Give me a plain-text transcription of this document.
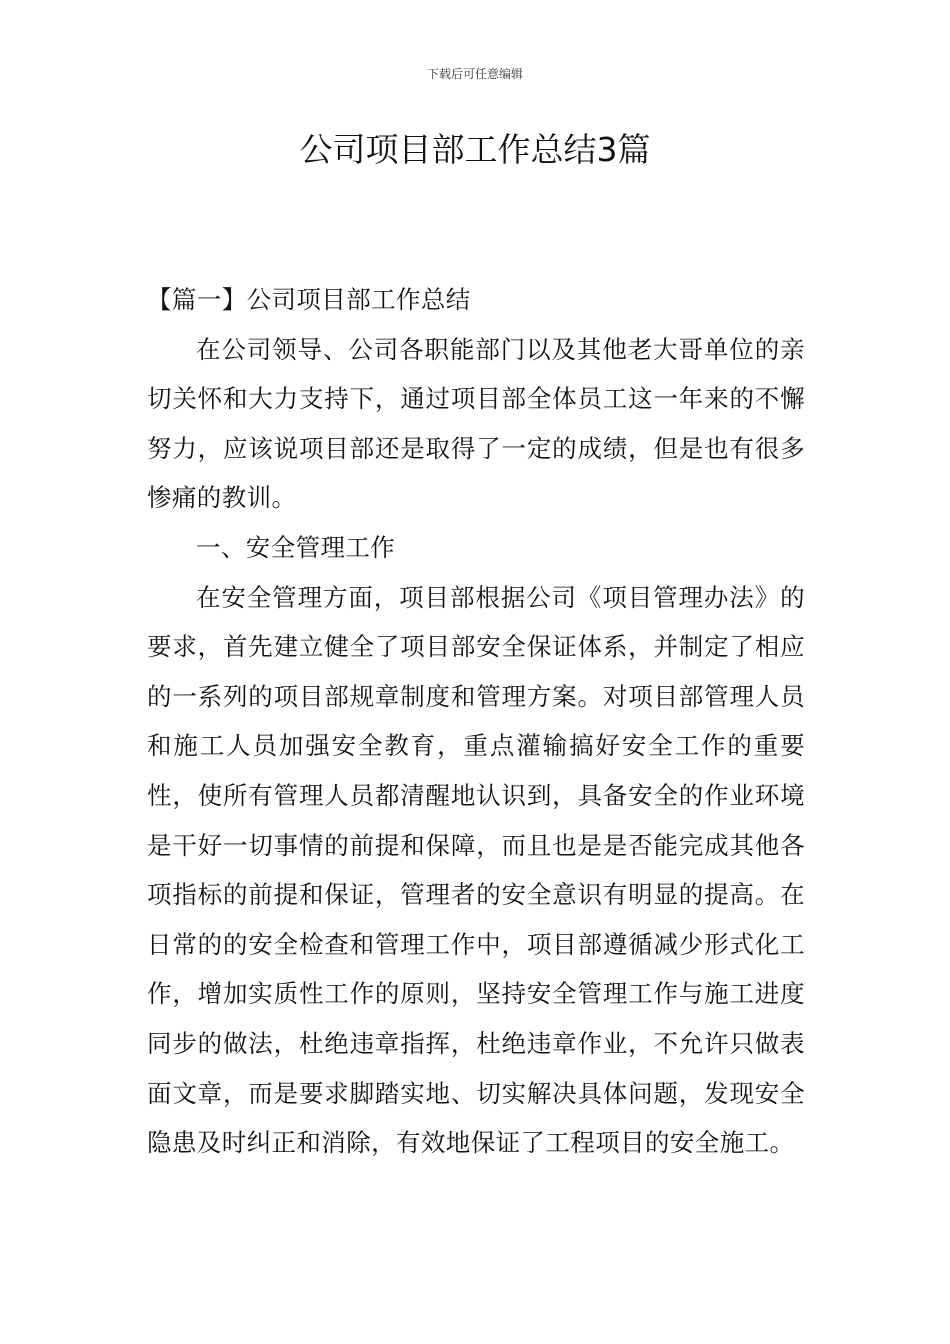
下载后可任意编辑
公司项目部工作总结3篇

【篇一】公司项目部工作总结

在公司领导、公司各职能部门以及其他老大哥单位的亲切关怀和大力支持下，通过项目部全体员工这一年来的不懈努力，应该说项目部还是取得了一定的成绩，但是也有很多惨痛的教训。

一、安全管理工作

在安全管理方面，项目部根据公司《项目管理办法》的要求，首先建立健全了项目部安全保证体系，并制定了相应的一系列的项目部规章制度和管理方案。对项目部管理人员和施工人员加强安全教育，重点灌输搞好安全工作的重要性，使所有管理人员都清醒地认识到，具备安全的作业环境是干好一切事情的前提和保障，而且也是是否能完成其他各项指标的前提和保证，管理者的安全意识有明显的提高。在日常的的安全检查和管理工作中，项目部遵循减少形式化工作，增加实质性工作的原则，坚持安全管理工作与施工进度同步的做法，杜绝违章指挥，杜绝违章作业，不允许只做表面文章，而是要求脚踏实地、切实解决具体问题，发现安全隐患及时纠正和消除，有效地保证了工程项目的安全施工。
